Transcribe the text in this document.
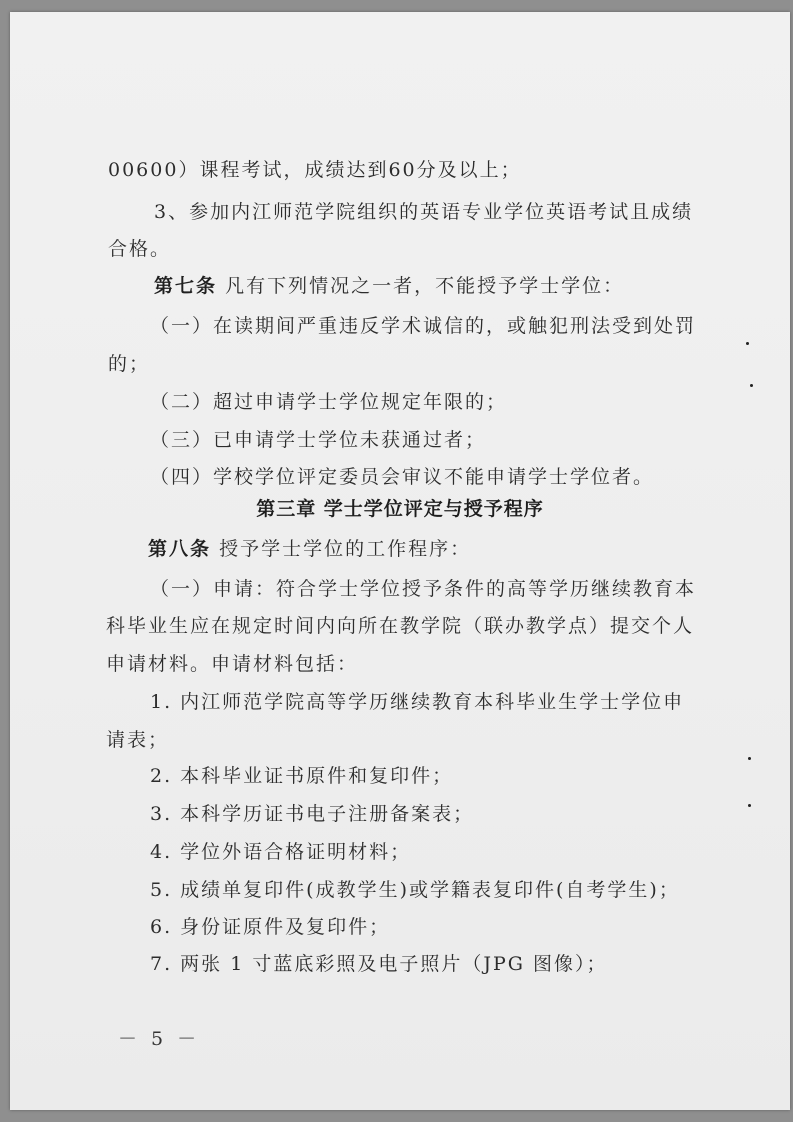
00600）课程考试，成绩达到60分及以上；
3、参加内江师范学院组织的英语专业学位英语考试且成绩
合格。
第七条 凡有下列情况之一者，不能授予学士学位：
（一）在读期间严重违反学术诚信的，或触犯刑法受到处罚
的；
（二）超过申请学士学位规定年限的；
（三）已申请学士学位未获通过者；
（四）学校学位评定委员会审议不能申请学士学位者。
第三章 学士学位评定与授予程序
第八条 授予学士学位的工作程序：
（一）申请：符合学士学位授予条件的高等学历继续教育本
科毕业生应在规定时间内向所在教学院（联办教学点）提交个人
申请材料。申请材料包括：
1. 内江师范学院高等学历继续教育本科毕业生学士学位申
请表；
2. 本科毕业证书原件和复印件；
3. 本科学历证书电子注册备案表；
4. 学位外语合格证明材料；
5. 成绩单复印件(成教学生)或学籍表复印件(自考学生)；
6. 身份证原件及复印件；
7. 两张 1 寸蓝底彩照及电子照片（JPG 图像）；
－ 5 －
